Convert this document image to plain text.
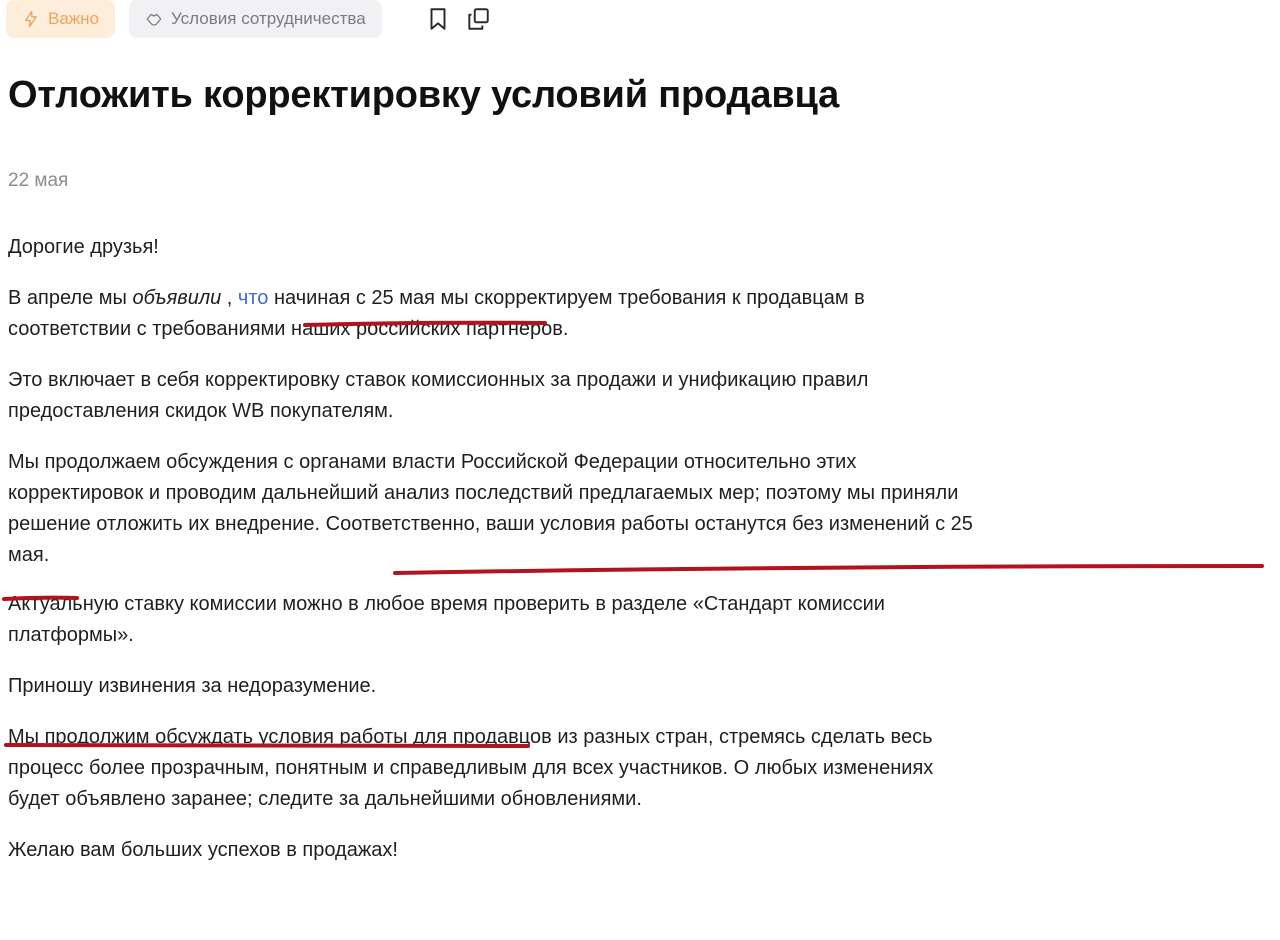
Важно	Условия сотрудничества
Отложить корректировку условий продавца
22 мая

Дорогие друзья!

В апреле мы объявили , что начиная с 25 мая мы скорректируем требования к продавцам в
соответствии с требованиями наших российских партнеров.

Это включает в себя корректировку ставок комиссионных за продажи и унификацию правил
предоставления скидок WB покупателям.

Мы продолжаем обсуждения с органами власти Российской Федерации относительно этих
корректировок и проводим дальнейший анализ последствий предлагаемых мер; поэтому мы приняли
решение отложить их внедрение. Соответственно, ваши условия работы останутся без изменений с 25
мая.

Актуальную ставку комиссии можно в любое время проверить в разделе «Стандарт комиссии
платформы».

Приношу извинения за недоразумение.

Мы продолжим обсуждать условия работы для продавцов из разных стран, стремясь сделать весь
процесс более прозрачным, понятным и справедливым для всех участников. О любых изменениях
будет объявлено заранее; следите за дальнейшими обновлениями.

Желаю вам больших успехов в продажах!
